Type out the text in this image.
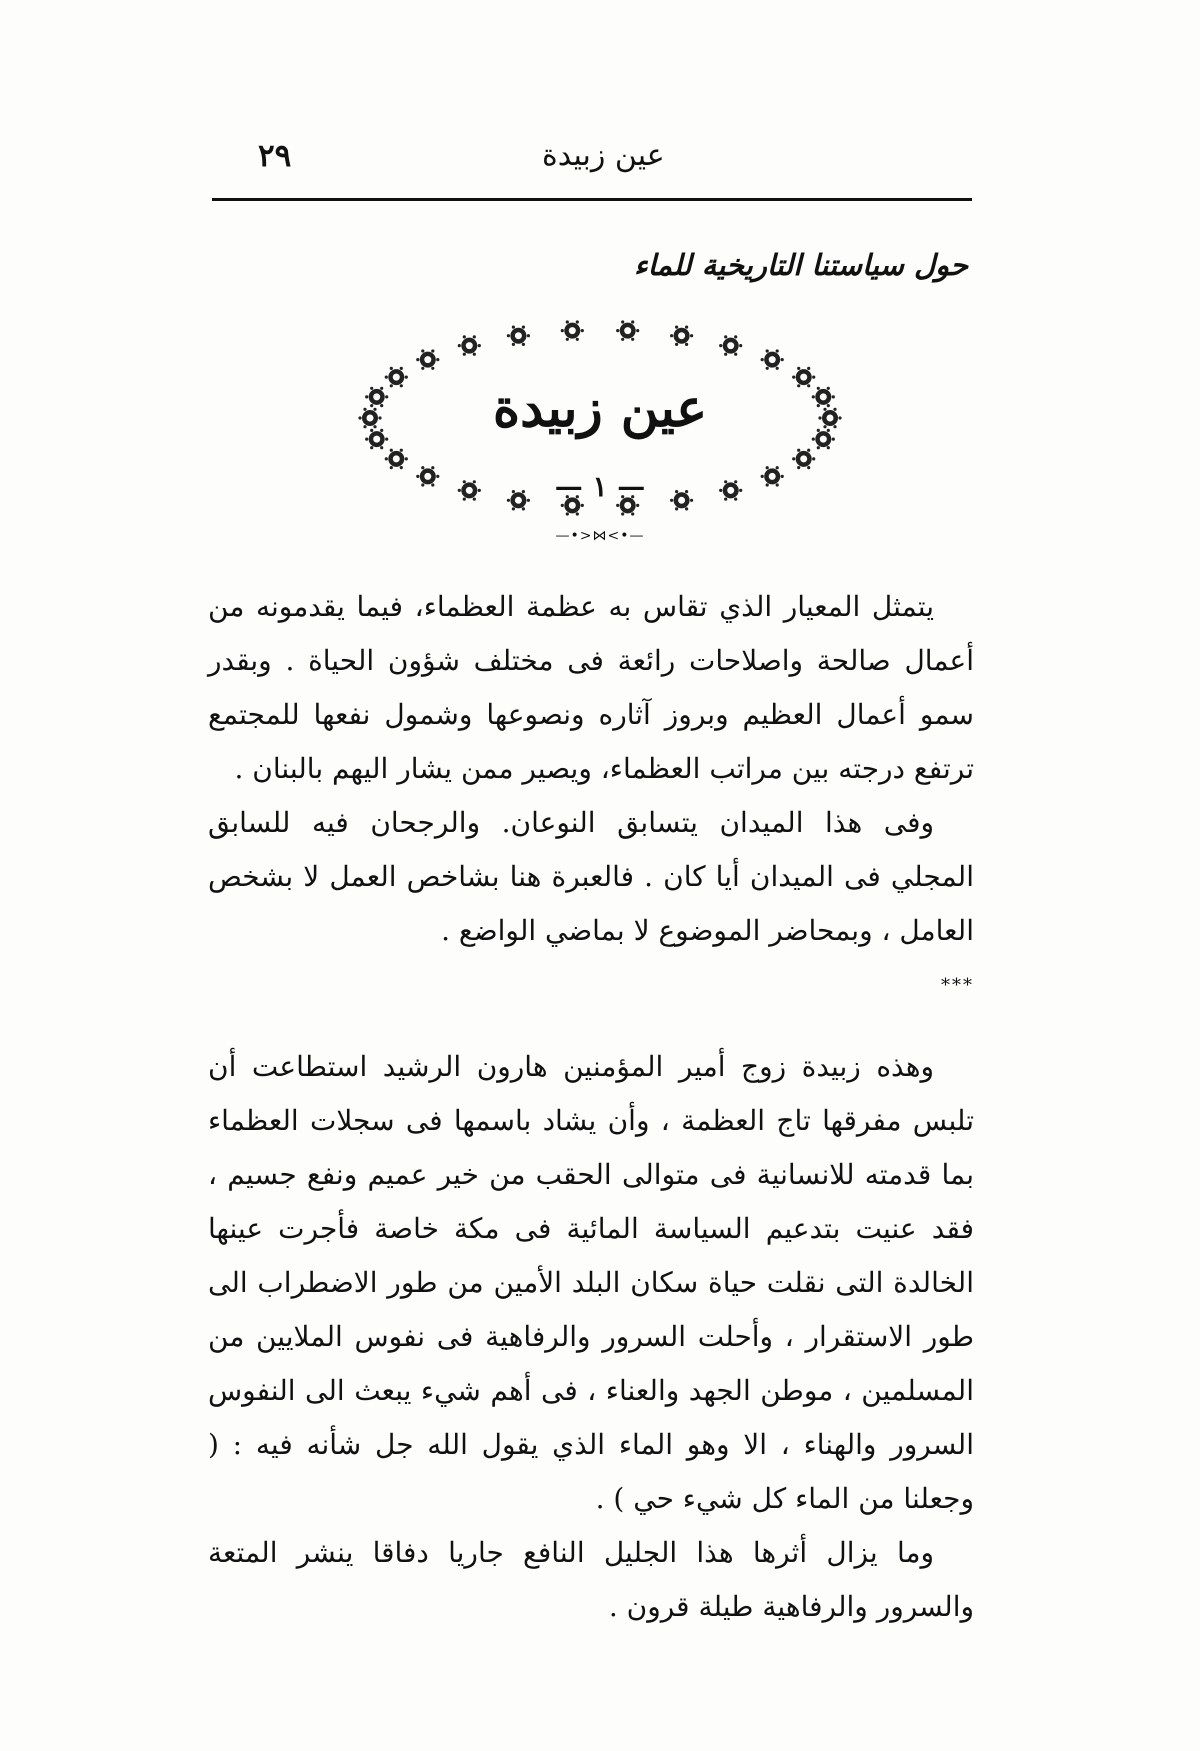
٢٩	عين زبيدة
حول سياستنا التاريخية للماء
عين زبيدة
— ١ —
—•>⋈<•—

يتمثل المعيار الذي تقاس به عظمة العظماء، فيما يقدمونه من أعمال صالحة واصلاحات رائعة فى مختلف شؤون الحياة . وبقدر سمو أعمال العظيم وبروز آثاره ونصوعها وشمول نفعها للمجتمع ترتفع درجته بين مراتب العظماء، ويصير ممن يشار اليهم بالبنان .

وفى هذا الميدان يتسابق النوعان. والرجحان فيه للسابق المجلي فى الميدان أيا كان . فالعبرة هنا بشاخص العمل لا بشخص العامل ، وبمحاضر الموضوع لا بماضي الواضع .

***

وهذه زبيدة زوج أمير المؤمنين هارون الرشيد استطاعت أن تلبس مفرقها تاج العظمة ، وأن يشاد باسمها فى سجلات العظماء بما قدمته للانسانية فى متوالى الحقب من خير عميم ونفع جسيم ، فقد عنيت بتدعيم السياسة المائية فى مكة خاصة فأجرت عينها الخالدة التى نقلت حياة سكان البلد الأمين من طور الاضطراب الى طور الاستقرار ، وأحلت السرور والرفاهية فى نفوس الملايين من المسلمين ، موطن الجهد والعناء ، فى أهم شيء يبعث الى النفوس السرور والهناء ، الا وهو الماء الذي يقول الله جل شأنه فيه : ( وجعلنا من الماء كل شيء حي ) .

وما يزال أثرها هذا الجليل النافع جاريا دفاقا ينشر المتعة والسرور والرفاهية طيلة قرون .
